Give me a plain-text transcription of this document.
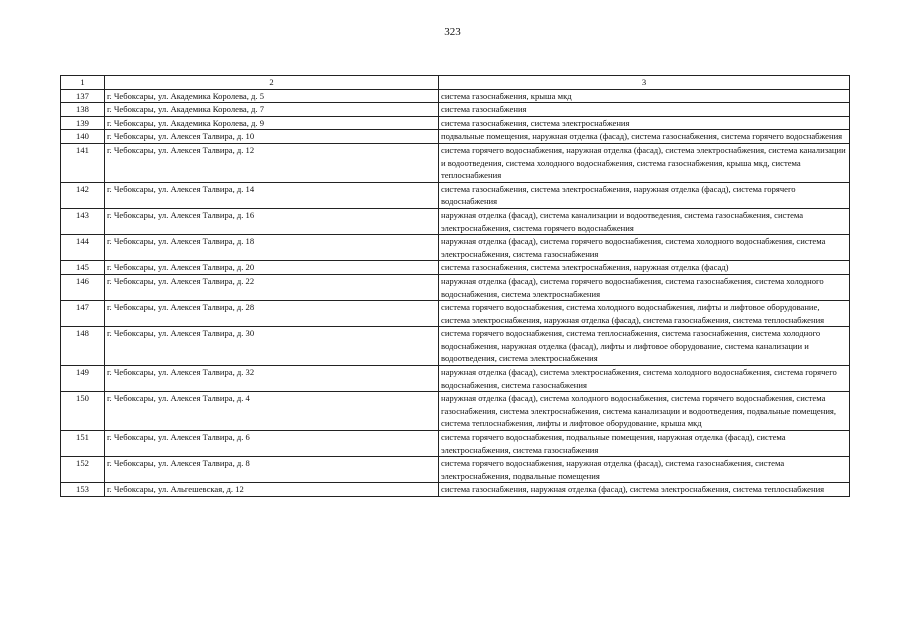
323
1	2	3
137	г. Чебоксары, ул. Академика Королева, д. 5	система газоснабжения, крыша мкд
138	г. Чебоксары, ул. Академика Королева, д. 7	система газоснабжения
139	г. Чебоксары, ул. Академика Королева, д. 9	система газоснабжения, система электроснабжения
140	г. Чебоксары, ул. Алексея Талвира, д. 10	подвальные помещения, наружная отделка (фасад), система газоснабжения, система горячего водоснабжения
141	г. Чебоксары, ул. Алексея Талвира, д. 12	система горячего водоснабжения, наружная отделка (фасад), система электроснабжения, система канализации и водоотведения, система холодного водоснабжения, система газоснабжения, крыша мкд, система теплоснабжения
142	г. Чебоксары, ул. Алексея Талвира, д. 14	система газоснабжения, система электроснабжения, наружная отделка (фасад), система горячего водоснабжения
143	г. Чебоксары, ул. Алексея Талвира, д. 16	наружная отделка (фасад), система канализации и водоотведения, система газоснабжения, система электроснабжения, система горячего водоснабжения
144	г. Чебоксары, ул. Алексея Талвира, д. 18	наружная отделка (фасад), система горячего водоснабжения, система холодного водоснабжения, система электроснабжения, система газоснабжения
145	г. Чебоксары, ул. Алексея Талвира, д. 20	система газоснабжения, система электроснабжения, наружная отделка (фасад)
146	г. Чебоксары, ул. Алексея Талвира, д. 22	наружная отделка (фасад), система горячего водоснабжения, система газоснабжения, система холодного водоснабжения, система электроснабжения
147	г. Чебоксары, ул. Алексея Талвира, д. 28	система горячего водоснабжения, система холодного водоснабжения, лифты и лифтовое оборудование, система электроснабжения, наружная отделка (фасад), система газоснабжения, система теплоснабжения
148	г. Чебоксары, ул. Алексея Талвира, д. 30	система горячего водоснабжения, система теплоснабжения, система газоснабжения, система холодного водоснабжения, наружная отделка (фасад), лифты и лифтовое оборудование, система канализации и водоотведения, система электроснабжения
149	г. Чебоксары, ул. Алексея Талвира, д. 32	наружная отделка (фасад), система электроснабжения, система холодного водоснабжения, система горячего водоснабжения, система газоснабжения
150	г. Чебоксары, ул. Алексея Талвира, д. 4	наружная отделка (фасад), система холодного водоснабжения, система горячего водоснабжения, система газоснабжения, система электроснабжения, система канализации и водоотведения, подвальные помещения, система теплоснабжения, лифты и лифтовое оборудование, крыша мкд
151	г. Чебоксары, ул. Алексея Талвира, д. 6	система горячего водоснабжения, подвальные помещения, наружная отделка (фасад), система электроснабжения, система газоснабжения
152	г. Чебоксары, ул. Алексея Талвира, д. 8	система горячего водоснабжения, наружная отделка (фасад), система газоснабжения, система электроснабжения, подвальные помещения
153	г. Чебоксары, ул. Альгешевская, д. 12	система газоснабжения, наружная отделка (фасад), система электроснабжения, система теплоснабжения
